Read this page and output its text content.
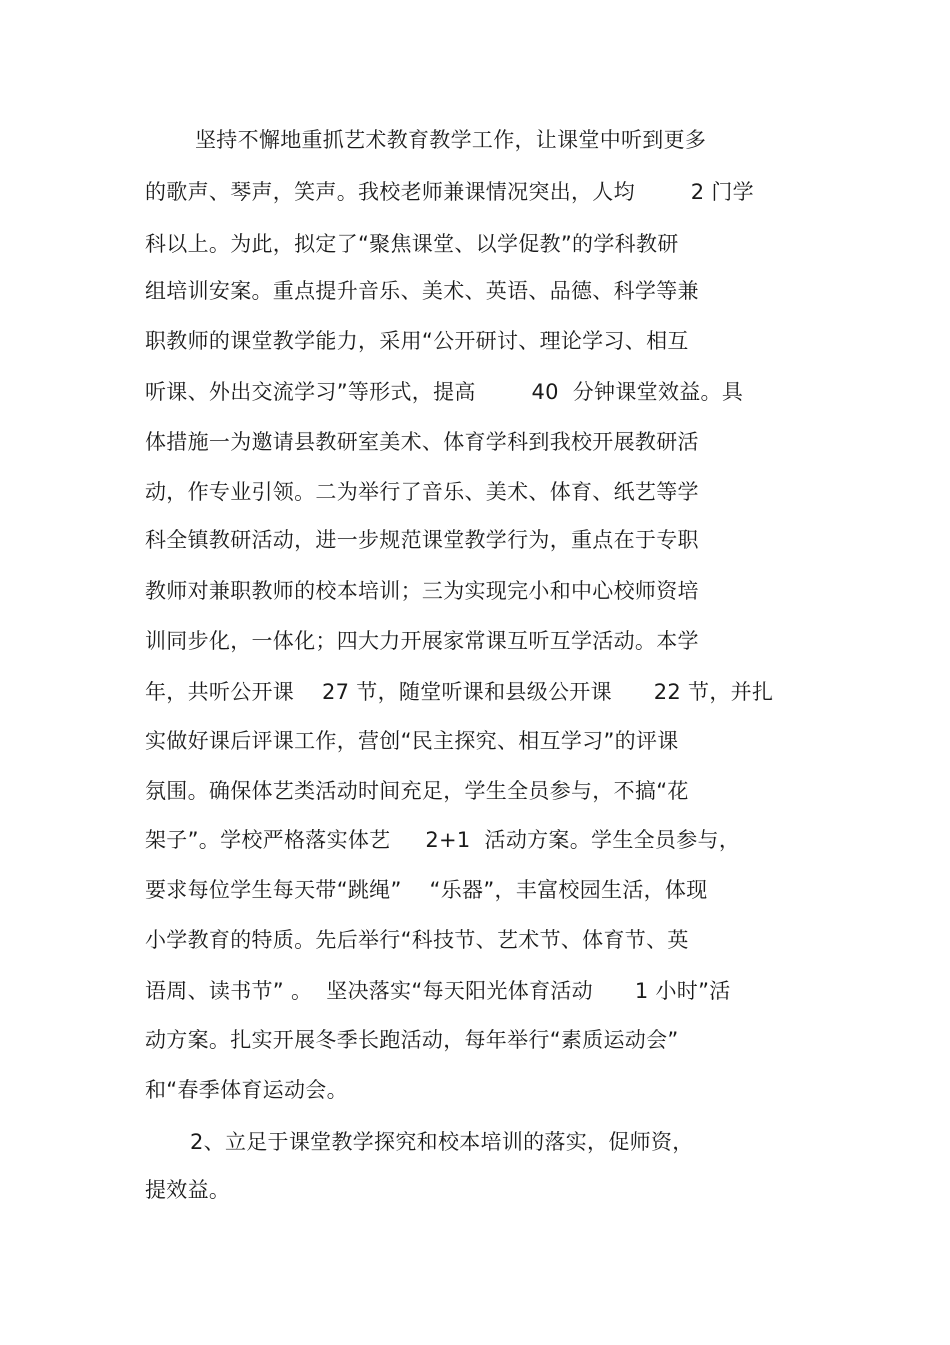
坚持不懈地重抓艺术教育教学工作，让课堂中听到更多
的歌声、琴声，笑声。我校老师兼课情况突出，人均        2 门学
科以上。为此，拟定了“聚焦课堂、以学促教”的学科教研
组培训安案。重点提升音乐、美术、英语、品德、科学等兼
职教师的课堂教学能力，采用“公开研讨、理论学习、相互
听课、外出交流学习”等形式，提高        40  分钟课堂效益。具
体措施一为邀请县教研室美术、体育学科到我校开展教研活
动，作专业引领。二为举行了音乐、美术、体育、纸艺等学
科全镇教研活动，进一步规范课堂教学行为，重点在于专职
教师对兼职教师的校本培训；三为实现完小和中心校师资培
训同步化，一体化；四大力开展家常课互听互学活动。本学
年，共听公开课    27 节，随堂听课和县级公开课      22 节，并扎
实做好课后评课工作，营创“民主探究、相互学习”的评课
氛围。确保体艺类活动时间充足，学生全员参与，不搞“花
架子”。学校严格落实体艺     2+1  活动方案。学生全员参与，
要求每位学生每天带“跳绳”    “乐器”，丰富校园生活，体现
小学教育的特质。先后举行“科技节、艺术节、体育节、英
语周、读书节” 。  坚决落实“每天阳光体育活动      1 小时”活
动方案。扎实开展冬季长跑活动，每年举行“素质运动会”
和“春季体育运动会。
2、立足于课堂教学探究和校本培训的落实，促师资，
提效益。
